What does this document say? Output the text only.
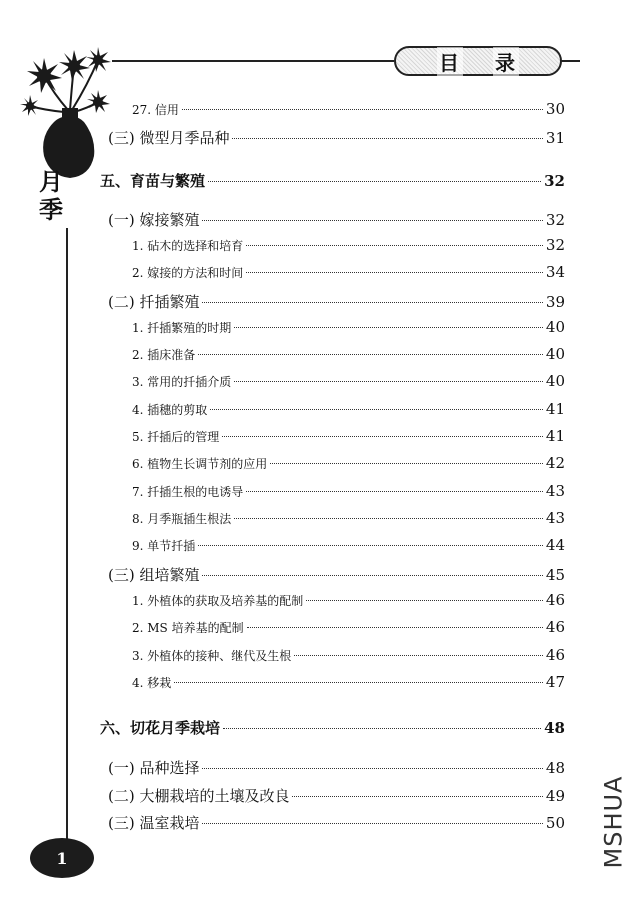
月
季
目 录
27. 信用	30
(三) 微型月季品种	31
五、育苗与繁殖	32
(一) 嫁接繁殖	32
1. 砧木的选择和培育	32
2. 嫁接的方法和时间	34
(二) 扦插繁殖	39
1. 扦插繁殖的时期	40
2. 插床准备	40
3. 常用的扦插介质	40
4. 插穗的剪取	41
5. 扦插后的管理	41
6. 植物生长调节剂的应用	42
7. 扦插生根的电诱导	43
8. 月季瓶插生根法	43
9. 单节扦插	44
(三) 组培繁殖	45
1. 外植体的获取及培养基的配制	46
2. MS 培养基的配制	46
3. 外植体的接种、继代及生根	46
4. 移栽	47
六、切花月季栽培	48
(一) 品种选择	48
(二) 大棚栽培的土壤及改良	49
(三) 温室栽培	50
1	MSHUA
